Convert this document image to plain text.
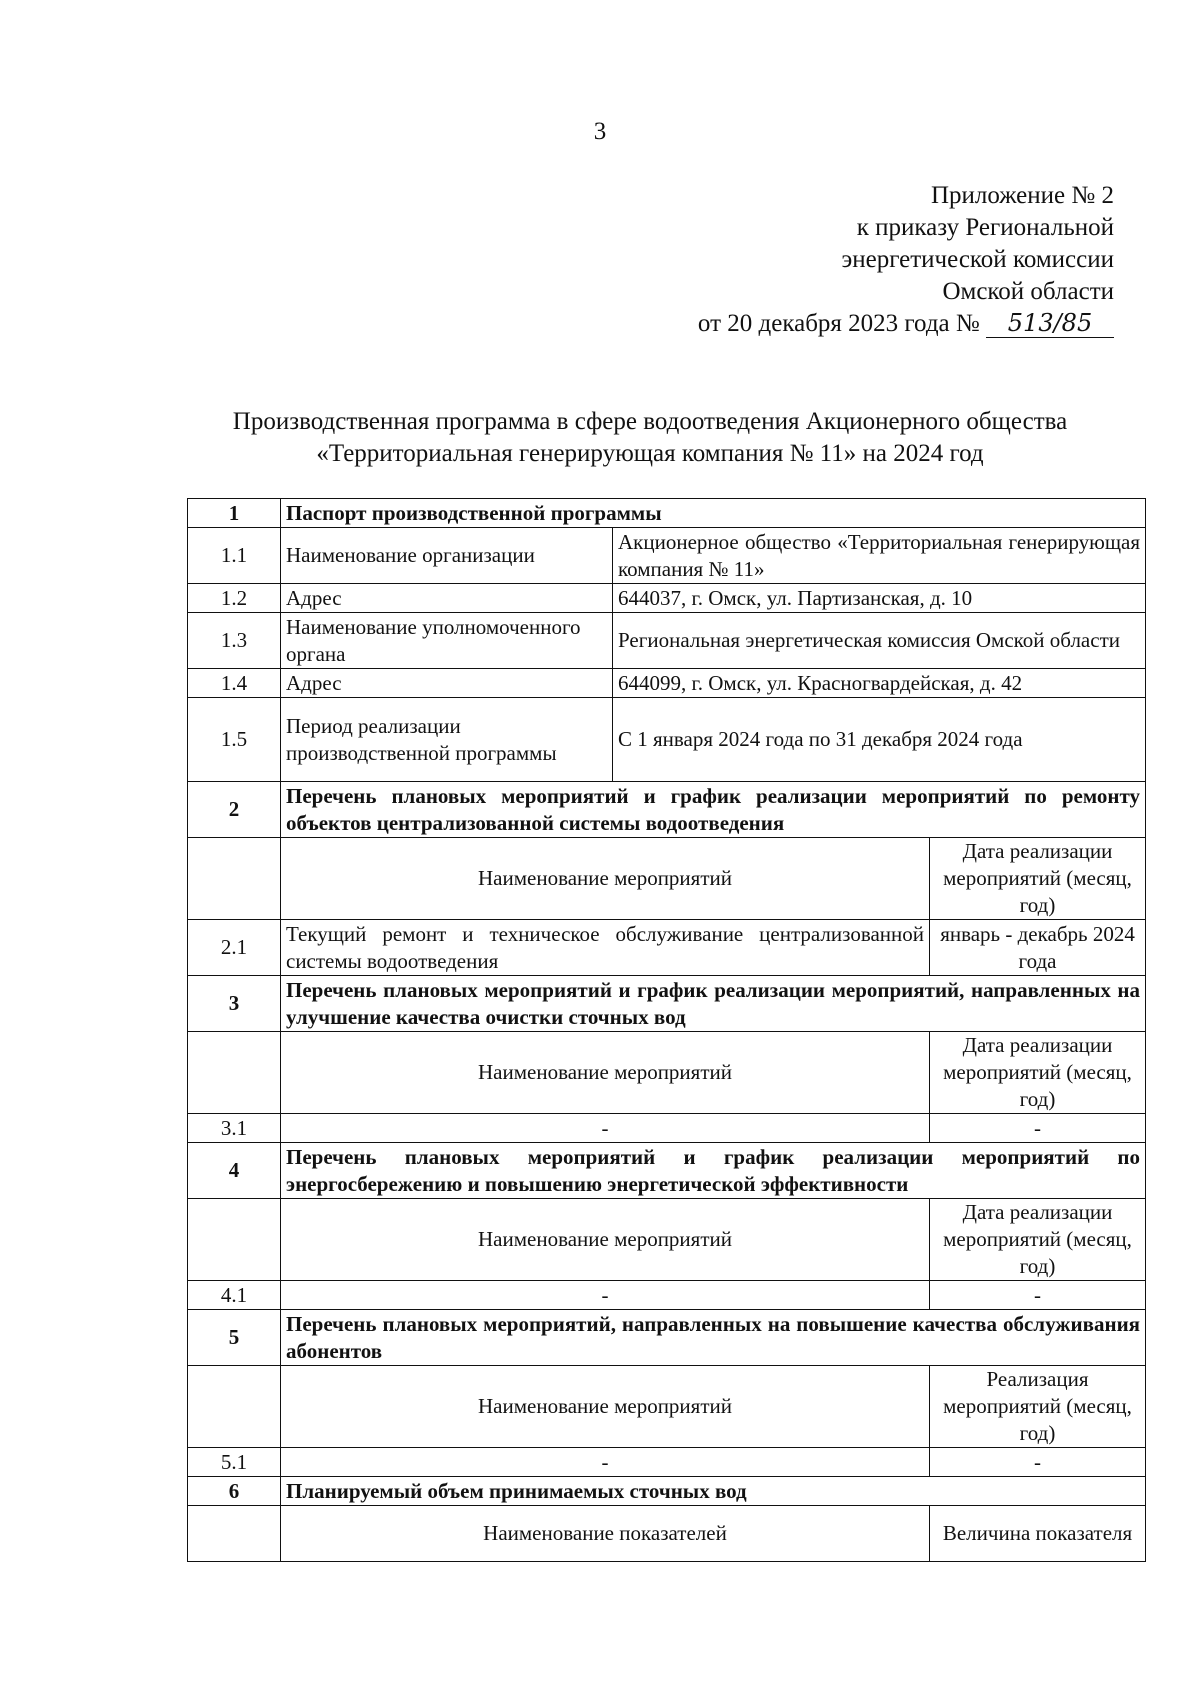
3
Приложение № 2
к приказу Региональной
энергетической комиссии
Омской области
от 20 декабря 2023 года № 513/85
Производственная программа в сфере водоотведения Акционерного общества
«Территориальная генерирующая компания № 11» на 2024 год
1	Паспорт производственной программы		
1.1	Наименование организации	Акционерное общество «Территориальная генерирующая компания № 11»	
1.2	Адрес	644037, г. Омск, ул. Партизанская, д. 10	
1.3	Наименование уполномоченного органа	Региональная энергетическая комиссия Омской области	
1.4	Адрес	644099, г. Омск, ул. Красногвардейская, д. 42	
1.5	Период реализации производственной программы	С 1 января 2024 года по 31 декабря 2024 года	
2	Перечень плановых мероприятий и график реализации мероприятий по ремонту объектов централизованной системы водоотведения		
	Наименование мероприятий		Дата реализации мероприятий (месяц, год)
2.1	Текущий ремонт и техническое обслуживание централизованной системы водоотведения		январь - декабрь 2024 года
3	Перечень плановых мероприятий и график реализации мероприятий, направленных на улучшение качества очистки сточных вод		
	Наименование мероприятий		Дата реализации мероприятий (месяц, год)
3.1	-		-
4	Перечень плановых мероприятий и график реализации мероприятий по энергосбережению и повышению энергетической эффективности		
	Наименование мероприятий		Дата реализации мероприятий (месяц, год)
4.1	-		-
5	Перечень плановых мероприятий, направленных на повышение качества обслуживания абонентов		
	Наименование мероприятий		Реализация мероприятий (месяц, год)
5.1	-		-
6	Планируемый объем принимаемых сточных вод		
	Наименование показателей		Величина показателя
